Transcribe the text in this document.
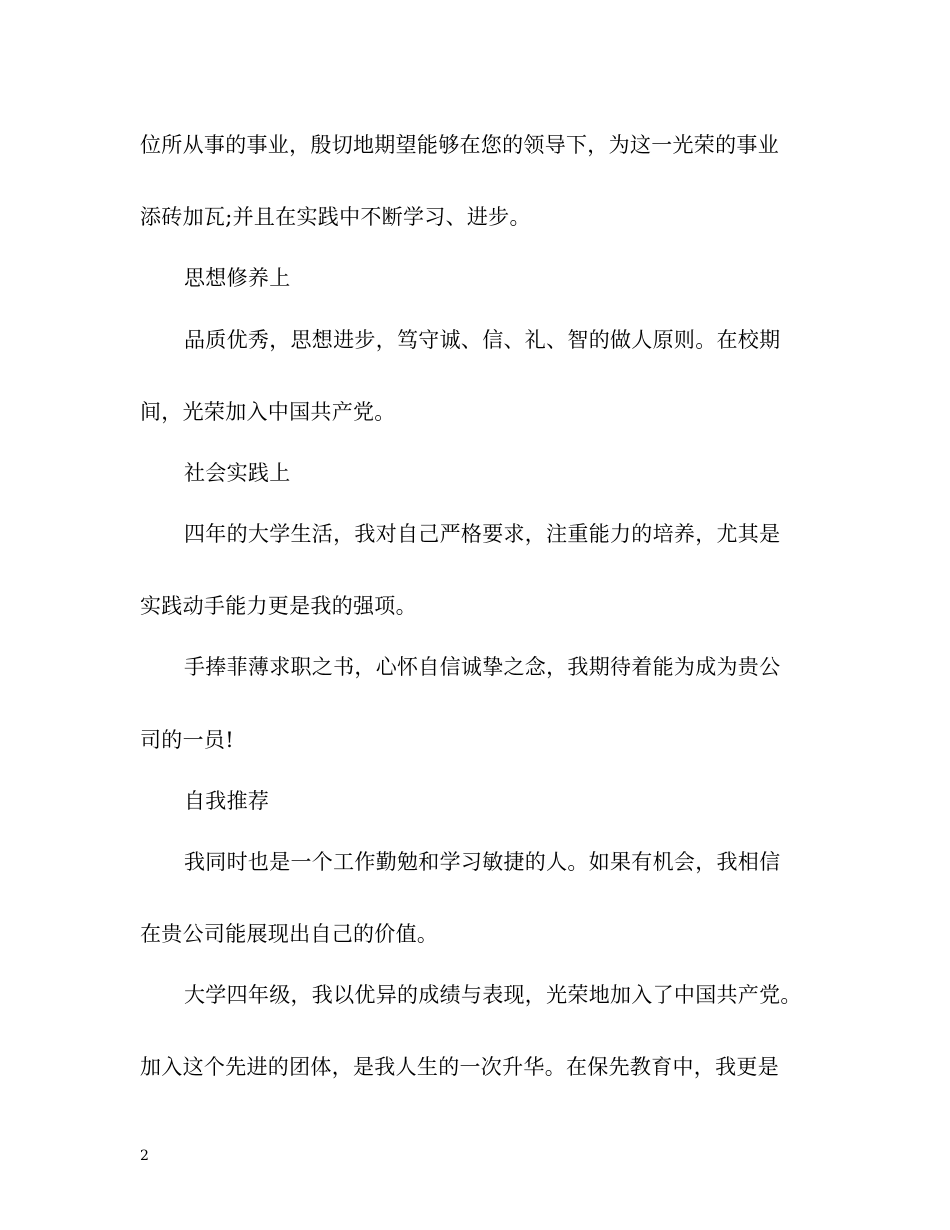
位所从事的事业，殷切地期望能够在您的领导下，为这一光荣的事业
添砖加瓦;并且在实践中不断学习、进步。
思想修养上
品质优秀，思想进步，笃守诚、信、礼、智的做人原则。在校期
间，光荣加入中国共产党。
社会实践上
四年的大学生活，我对自己严格要求，注重能力的培养，尤其是
实践动手能力更是我的强项。
手捧菲薄求职之书，心怀自信诚挚之念，我期待着能为成为贵公
司的一员!
自我推荐
我同时也是一个工作勤勉和学习敏捷的人。如果有机会，我相信
在贵公司能展现出自己的价值。
大学四年级，我以优异的成绩与表现，光荣地加入了中国共产党。
加入这个先进的团体，是我人生的一次升华。在保先教育中，我更是
2
